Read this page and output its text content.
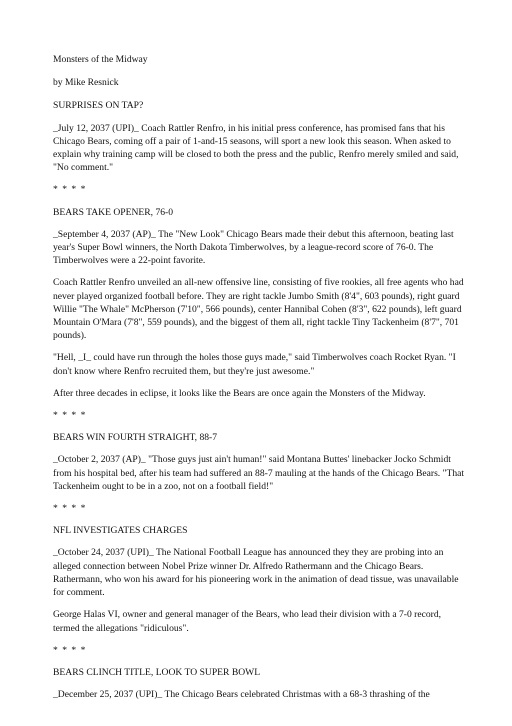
Monsters of the Midway

by Mike Resnick

SURPRISES ON TAP?

_July 12, 2037 (UPI)_ Coach Rattler Renfro, in his initial press conference, has promised fans that his Chicago Bears, coming off a pair of 1-and-15 seasons, will sport a new look this season. When asked to explain why training camp will be closed to both the press and the public, Renfro merely smiled and said, "No comment."

* * * *

BEARS TAKE OPENER, 76-0

_September 4, 2037 (AP)_ The "New Look" Chicago Bears made their debut this afternoon, beating last year's Super Bowl winners, the North Dakota Timberwolves, by a league-record score of 76-0. The Timberwolves were a 22-point favorite.

Coach Rattler Renfro unveiled an all-new offensive line, consisting of five rookies, all free agents who had never played organized football before. They are right tackle Jumbo Smith (8'4", 603 pounds), right guard Willie "The Whale" McPherson (7'10", 566 pounds), center Hannibal Cohen (8'3", 622 pounds), left guard Mountain O'Mara (7'8", 559 pounds), and the biggest of them all, right tackle Tiny Tackenheim (8'7", 701 pounds).

"Hell, _I_ could have run through the holes those guys made," said Timberwolves coach Rocket Ryan. "I don't know where Renfro recruited them, but they're just awesome."

After three decades in eclipse, it looks like the Bears are once again the Monsters of the Midway.

* * * *

BEARS WIN FOURTH STRAIGHT, 88-7

_October 2, 2037 (AP)_ "Those guys just ain't human!" said Montana Buttes' linebacker Jocko Schmidt from his hospital bed, after his team had suffered an 88-7 mauling at the hands of the Chicago Bears. "That Tackenheim ought to be in a zoo, not on a football field!"

* * * *

NFL INVESTIGATES CHARGES

_October 24, 2037 (UPI)_ The National Football League has announced they they are probing into an alleged connection between Nobel Prize winner Dr. Alfredo Rathermann and the Chicago Bears. Rathermann, who won his award for his pioneering work in the animation of dead tissue, was unavailable for comment.

George Halas VI, owner and general manager of the Bears, who lead their division with a 7-0 record, termed the allegations "ridiculous".

* * * *

BEARS CLINCH TITLE, LOOK TO SUPER BOWL

_December 25, 2037 (UPI)_ The Chicago Bears celebrated Christmas with a 68-3 thrashing of the
